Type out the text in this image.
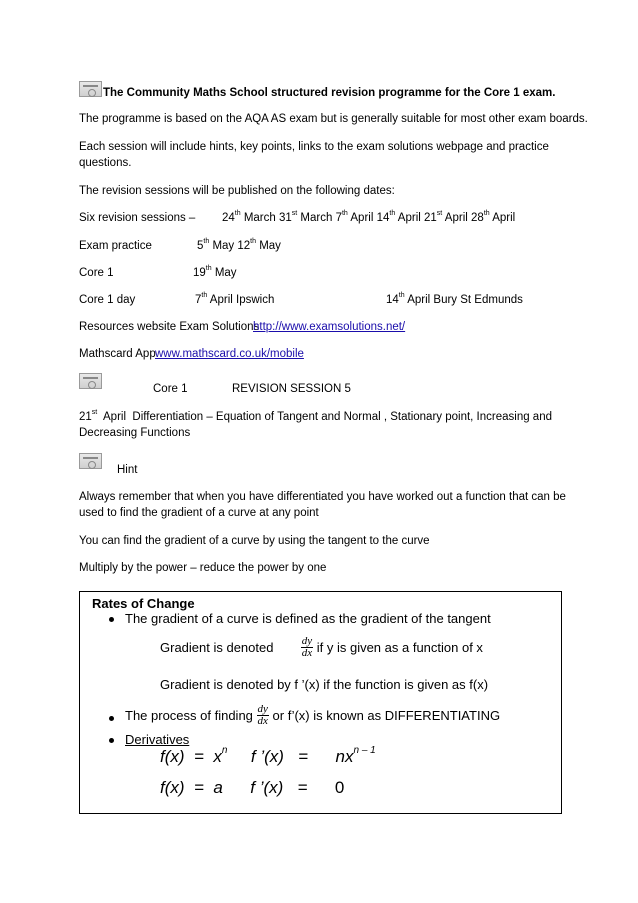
The Community Maths School structured revision programme for the Core 1 exam.
The programme is based on the AQA AS exam but is generally suitable for most other exam boards.
Each session will include hints, key points, links to the exam solutions webpage and practice
questions.
The revision sessions will be published on the following dates:
Six revision sessions – 24th March 31st March 7th April 14th April 21st April 28th April
Exam practice	5th May 12th May
Core 1	19th May
Core 1 day	7th April Ipswich	14th April Bury St Edmunds
Resources website Exam Solutions
http://www.examsolutions.net/
Mathscard App www.mathscard.co.uk/mobile
Core 1	REVISION SESSION 5
21st  April  Differentiation – Equation of Tangent and Normal , Stationary point, Increasing and
Decreasing Functions
Hint
Always remember that when you have differentiated you have worked out a function that can be
used to find the gradient of a curve at any point
You can find the gradient of a curve by using the tangent to the curve
Multiply by the power – reduce the power by one
Rates of Change
The gradient of a curve is defined as the gradient of the tangent
Gradient is denoted $\frac{dy}{dx}$ if y is given as a function of x
Gradient is denoted by f ’(x) if the function is given as f(x)
The process of finding $\frac{dy}{dx}$ or f’(x) is known as DIFFERENTIATING
Derivatives
$f(x) = x^n$ f ’(x)   = $nx^{n - 1}$
f(x)  =  a f ’(x)   = 0
